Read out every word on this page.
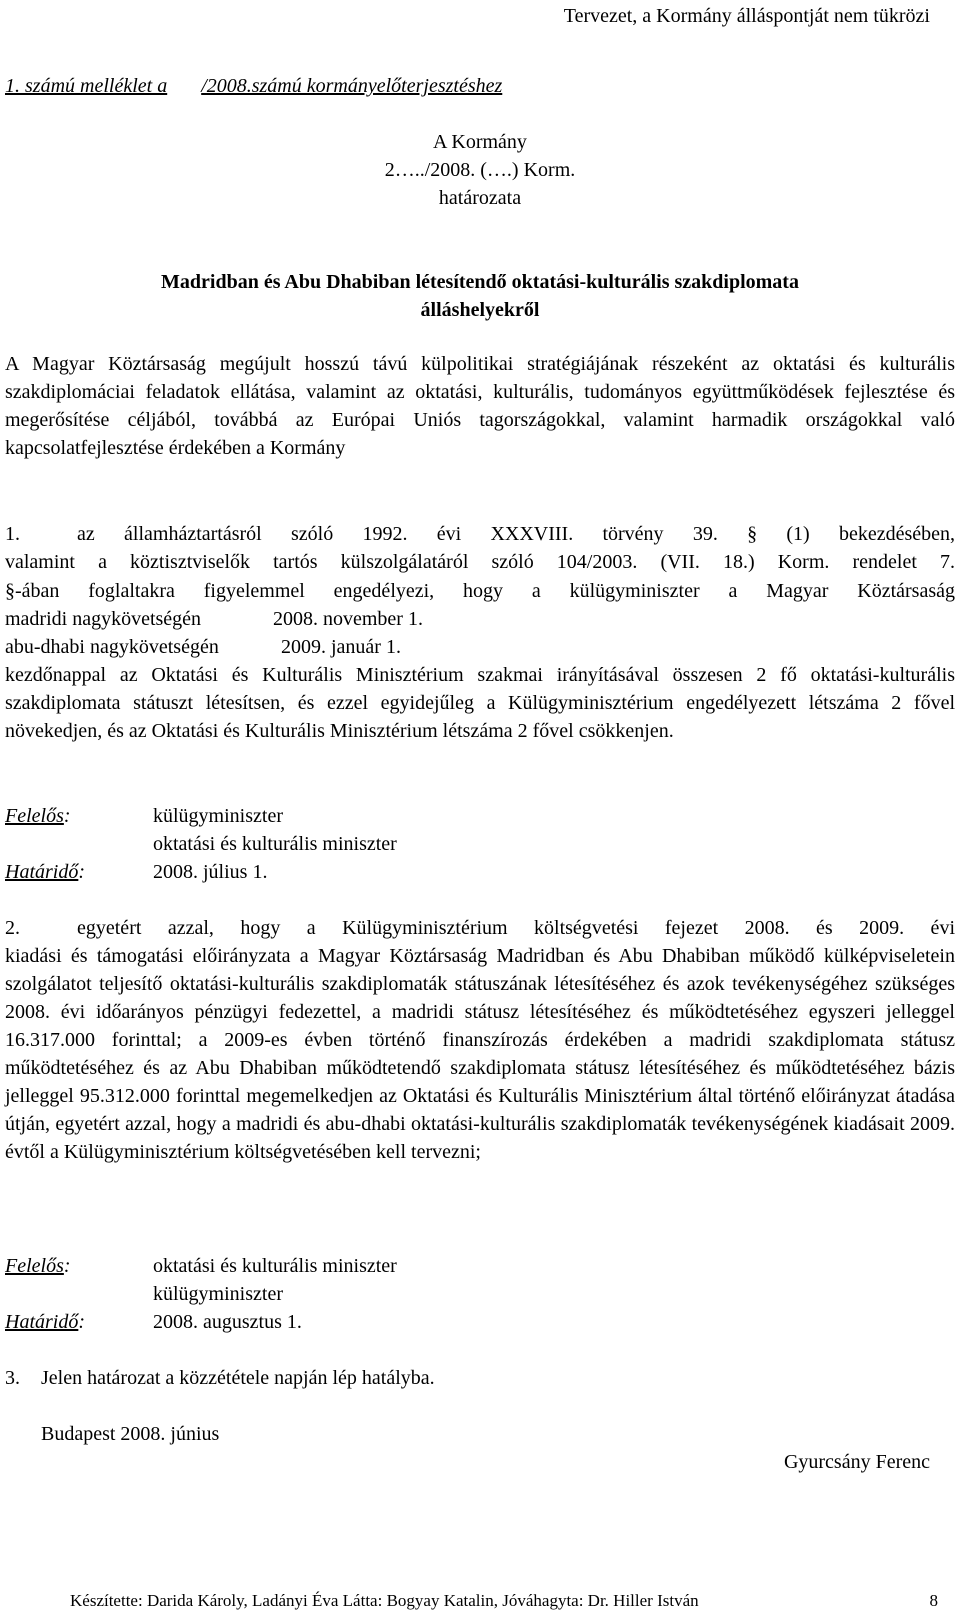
Tervezet, a Kormány álláspontját nem tükrözi
1. számú melléklet a /2008.számú kormányelőterjesztéshez
A Kormány
2…../2008. (….) Korm.
határozata
Madridban és Abu Dhabiban létesítendő oktatási-kulturális szakdiplomata
álláshelyekről
A Magyar Köztársaság megújult hosszú távú külpolitikai stratégiájának részeként az oktatási és kulturális szakdiplomáciai feladatok ellátása, valamint az oktatási, kulturális, tudományos együttműködések fejlesztése és megerősítése céljából, továbbá az Európai Uniós tagországokkal, valamint harmadik országokkal való kapcsolatfejlesztése érdekében a Kormány
1.	az államháztartásról szóló 1992. évi XXXVIII. törvény 39. § (1) bekezdésében,
valamint a köztisztviselők tartós külszolgálatáról szóló 104/2003. (VII. 18.) Korm. rendelet 7.
§-ában foglaltakra figyelemmel engedélyezi, hogy a külügyminiszter a Magyar Köztársaság
madridi nagykövetségén	2008. november 1.
abu-dhabi nagykövetségén	2009. január 1.
kezdőnappal az Oktatási és Kulturális Minisztérium szakmai irányításával összesen 2 fő oktatási-kulturális szakdiplomata státuszt létesítsen, és ezzel egyidejűleg a Külügyminisztérium engedélyezett létszáma 2 fővel növekedjen, és az Oktatási és Kulturális Minisztérium létszáma 2 fővel csökkenjen.
Felelős:	külügyminiszter
oktatási és kulturális miniszter
Határidő:	2008. július 1.
2.	egyetért azzal, hogy a Külügyminisztérium költségvetési fejezet 2008. és 2009. évi
kiadási és támogatási előirányzata a Magyar Köztársaság Madridban és Abu Dhabiban működő külképviseletein szolgálatot teljesítő oktatási-kulturális szakdiplomaták státuszának létesítéséhez és azok tevékenységéhez szükséges 2008. évi időarányos pénzügyi fedezettel, a madridi státusz létesítéséhez és működtetéséhez egyszeri jelleggel 16.317.000 forinttal; a 2009-es évben történő finanszírozás érdekében a madridi szakdiplomata státusz működtetéséhez és az Abu Dhabiban működtetendő szakdiplomata státusz létesítéséhez és működtetéséhez bázis jelleggel 95.312.000 forinttal megemelkedjen az Oktatási és Kulturális Minisztérium által történő előirányzat átadása útján, egyetért azzal, hogy a madridi és abu-dhabi oktatási-kulturális szakdiplomaták tevékenységének kiadásait 2009. évtől a Külügyminisztérium költségvetésében kell tervezni;
Felelős:	oktatási és kulturális miniszter
külügyminiszter
Határidő:	2008. augusztus 1.
3. Jelen határozat a közzététele napján lép hatályba.
Budapest 2008. június
Gyurcsány Ferenc
Készítette: Darida Károly, Ladányi Éva Látta: Bogyay Katalin, Jóváhagyta: Dr. Hiller István	8
